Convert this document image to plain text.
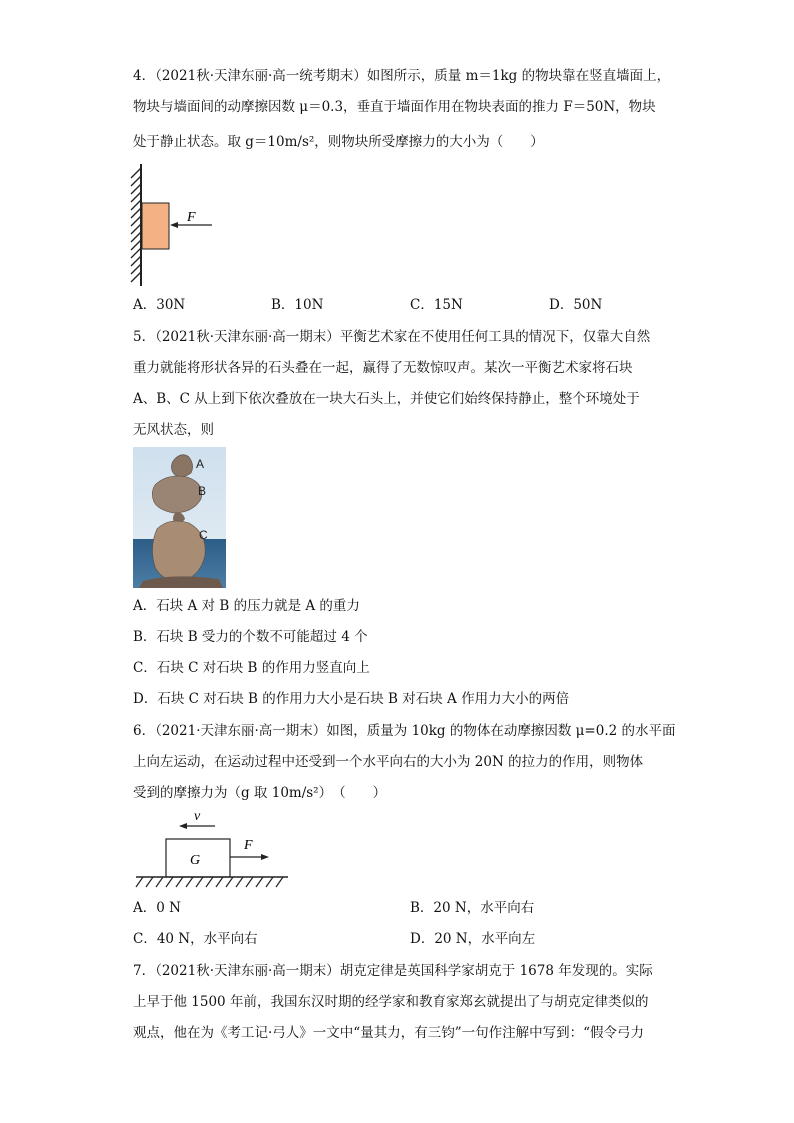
4．（2021秋·天津东丽·高一统考期末）如图所示，质量 m＝1kg 的物块靠在竖直墙面上，
物块与墙面间的动摩擦因数 μ＝0.3，垂直于墙面作用在物块表面的推力 F＝50N，物块
处于静止状态。取 g＝10m/s²，则物块所受摩擦力的大小为（　　）
F
A．30N	B．10N	C．15N	D．50N
5．（2021秋·天津东丽·高一期末）平衡艺术家在不使用任何工具的情况下，仅靠大自然
重力就能将形状各异的石头叠在一起，赢得了无数惊叹声。某次一平衡艺术家将石块
A、B、C 从上到下依次叠放在一块大石头上，并使它们始终保持静止，整个环境处于
无风状态，则
A
B
C
A．石块 A 对 B 的压力就是 A 的重力
B．石块 B 受力的个数不可能超过 4 个
C．石块 C 对石块 B 的作用力竖直向上
D．石块 C 对石块 B 的作用力大小是石块 B 对石块 A 作用力大小的两倍
6．（2021·天津东丽·高一期末）如图，质量为 10kg 的物体在动摩擦因数 μ=0.2 的水平面
上向左运动，在运动过程中还受到一个水平向右的大小为 20N 的拉力的作用，则物体
受到的摩擦力为（g 取 10m/s²）　（　　）
v
G
F
A．0 N	B．20 N，水平向右
C．40 N，水平向右	D．20 N，水平向左
7．（2021秋·天津东丽·高一期末）胡克定律是英国科学家胡克于 1678 年发现的。实际
上早于他 1500 年前，我国东汉时期的经学家和教育家郑玄就提出了与胡克定律类似的
观点，他在为《考工记·弓人》一文中“量其力，有三钧”一句作注解中写到：“假令弓力
